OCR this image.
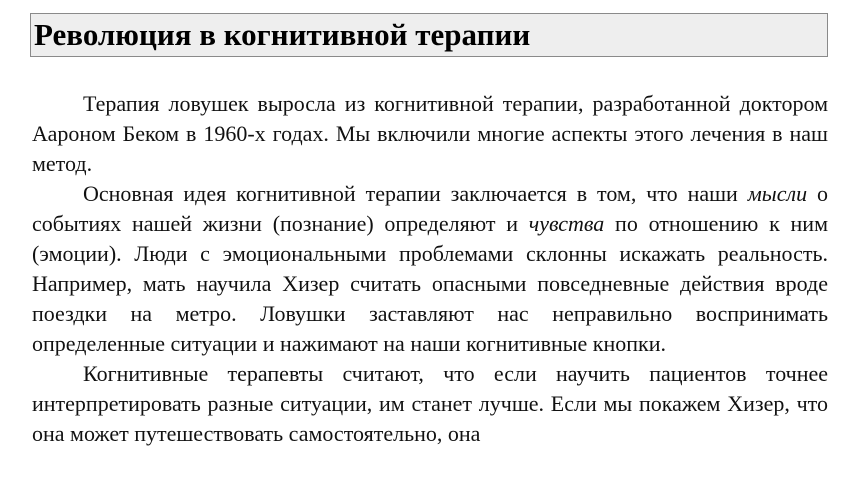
Революция в когнитивной терапии

Терапия ловушек выросла из когнитивной терапии, разработанной доктором Аароном Беком в 1960-х годах. Мы включили многие аспекты этого лечения в наш метод.

Основная идея когнитивной терапии заключается в том, что наши мысли о событиях нашей жизни (познание) определяют и чувства по отношению к ним (эмоции). Люди с эмоциональными проблемами склонны искажать реальность. Например, мать научила Хизер считать опасными повседневные действия вроде поездки на метро. Ловушки заставляют нас неправильно воспринимать определенные ситуации и нажимают на наши когнитивные кнопки.

Когнитивные терапевты считают, что если научить пациентов точнее интерпретировать разные ситуации, им станет лучше. Если мы покажем Хизер, что она может путешествовать самостоятельно, она
